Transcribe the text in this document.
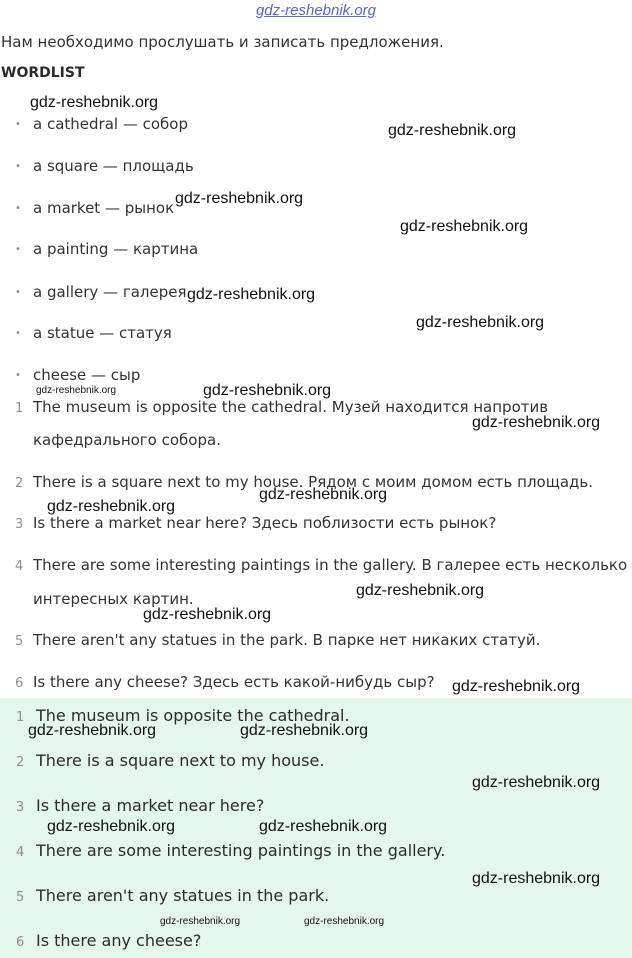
gdz-reshebnik.org
Нам необходимо прослушать и записать предложения.
WORDLIST
• a cathedral — собор
• a square — площадь
• a market — рынок
• a painting — картина
• a gallery — галерея
• a statue — статуя
• cheese — сыр
1 The museum is opposite the cathedral. Музей находится напротив
кафедрального собора.
2 There is a square next to my house. Рядом с моим домом есть площадь.
3 Is there a market near here? Здесь поблизости есть рынок?
4 There are some interesting paintings in the gallery. В галерее есть несколько
интересных картин.
5 There aren't any statues in the park. В парке нет никаких статуй.
6 Is there any cheese? Здесь есть какой-нибудь сыр?
1 The museum is opposite the cathedral.
2 There is a square next to my house.
3 Is there a market near here?
4 There are some interesting paintings in the gallery.
5 There aren't any statues in the park.
6 Is there any cheese?
gdz-reshebnik.org
gdz-reshebnik.org
gdz-reshebnik.org
gdz-reshebnik.org
gdz-reshebnik.org
gdz-reshebnik.org
gdz-reshebnik.org	gdz-reshebnik.org
gdz-reshebnik.org
gdz-reshebnik.org
gdz-reshebnik.org
gdz-reshebnik.org
gdz-reshebnik.org
gdz-reshebnik.org
gdz-reshebnik.org	gdz-reshebnik.org
gdz-reshebnik.org
gdz-reshebnik.org	gdz-reshebnik.org
gdz-reshebnik.org
gdz-reshebnik.org	gdz-reshebnik.org
